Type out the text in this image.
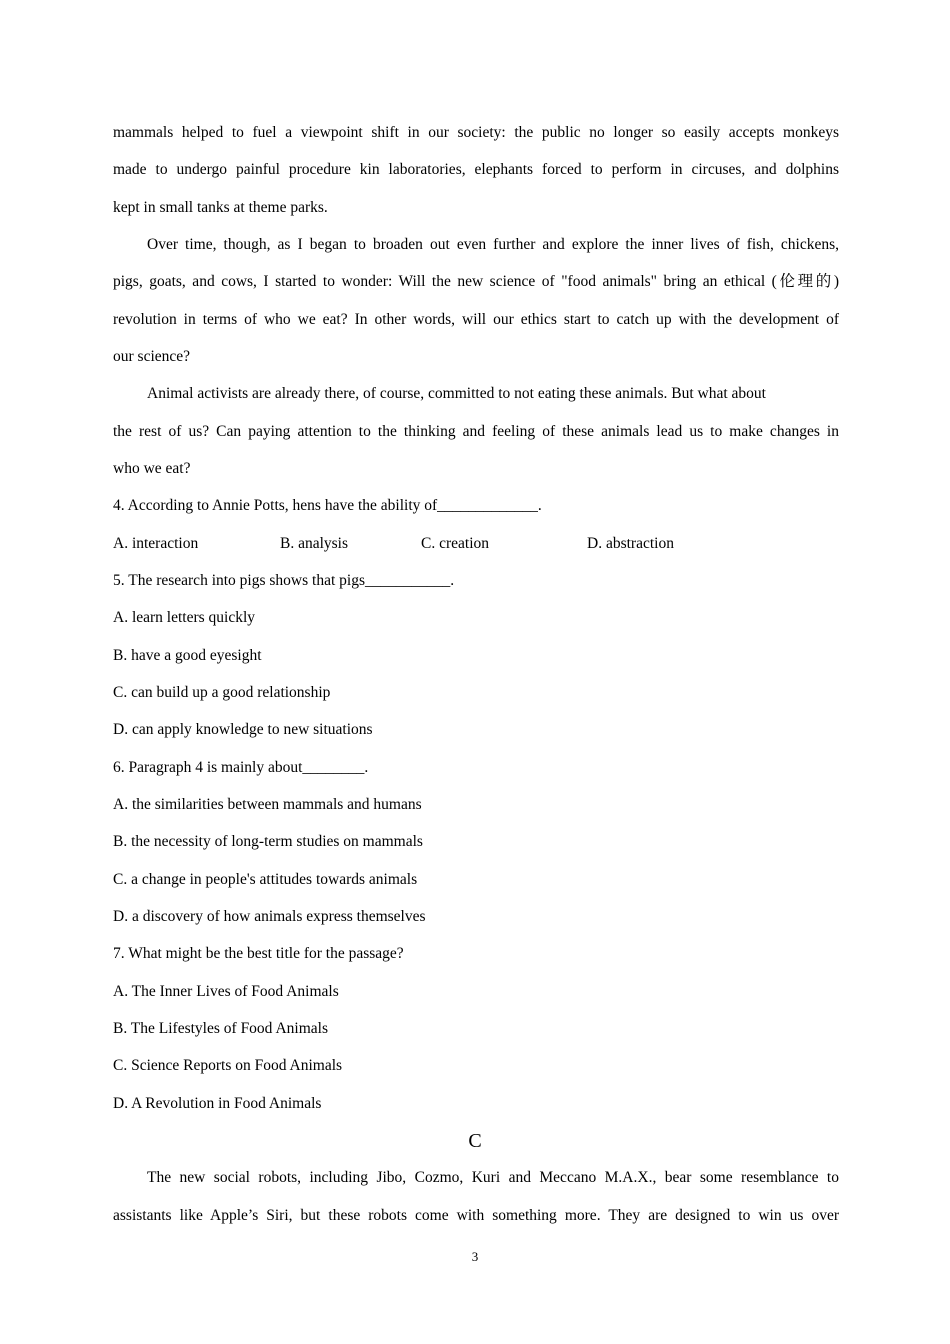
mammals helped to fuel a viewpoint shift in our society: the public no longer so easily accepts monkeys
made to undergo painful procedure kin laboratories, elephants forced to perform in circuses, and dolphins
kept in small tanks at theme parks.
Over time, though, as I began to broaden out even further and explore the inner lives of fish, chickens,
pigs, goats, and cows, I started to wonder: Will the new science of "food animals" bring an ethical (伦理的)
revolution in terms of who we eat? In other words, will our ethics start to catch up with the development of
our science?
Animal activists are already there, of course, committed to not eating these animals. But what about
the rest of us? Can paying attention to the thinking and feeling of these animals lead us to make changes in
who we eat?
4. According to Annie Potts, hens have the ability of_____________.
A. interaction	B. analysis	C. creation	D. abstraction
5. The research into pigs shows that pigs___________.
A. learn letters quickly
B. have a good eyesight
C. can build up a good relationship
D. can apply knowledge to new situations
6. Paragraph 4 is mainly about________.
A. the similarities between mammals and humans
B. the necessity of long-term studies on mammals
C. a change in people's attitudes towards animals
D. a discovery of how animals express themselves
7. What might be the best title for the passage?
A. The Inner Lives of Food Animals
B. The Lifestyles of Food Animals
C. Science Reports on Food Animals
D. A Revolution in Food Animals
C
The new social robots, including Jibo, Cozmo, Kuri and Meccano M.A.X., bear some resemblance to
assistants like Apple’s Siri, but these robots come with something more. They are designed to win us over
3
